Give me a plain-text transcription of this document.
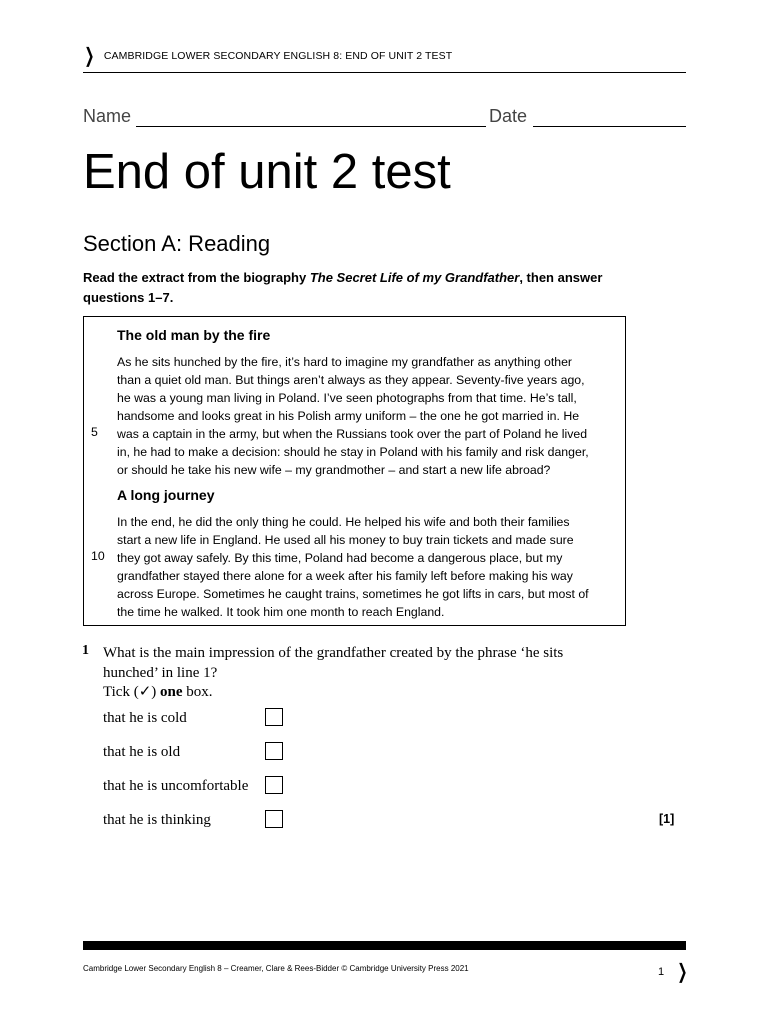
❯ CAMBRIDGE LOWER SECONDARY ENGLISH 8: END OF UNIT 2 TEST
Name	Date
End of unit 2 test
Section A: Reading
Read the extract from the biography The Secret Life of my Grandfather, then answer questions 1–7.
The old man by the fire
As he sits hunched by the fire, it’s hard to imagine my grandfather as anything other
than a quiet old man. But things aren’t always as they appear. Seventy-five years ago,
he was a young man living in Poland. I’ve seen photographs from that time. He’s tall,
handsome and looks great in his Polish army uniform – the one he got married in. He
was a captain in the army, but when the Russians took over the part of Poland he lived
in, he had to make a decision: should he stay in Poland with his family and risk danger,
or should he take his new wife – my grandmother – and start a new life abroad?
5
A long journey
In the end, he did the only thing he could. He helped his wife and both their families
start a new life in England. He used all his money to buy train tickets and made sure
they got away safely. By this time, Poland had become a dangerous place, but my
grandfather stayed there alone for a week after his family left before making his way
across Europe. Sometimes he caught trains, sometimes he got lifts in cars, but most of
the time he walked. It took him one month to reach England.
10
1 What is the main impression of the grandfather created by the phrase ‘he sits hunched’ in line 1?
Tick (✓) one box.
that he is cold
that he is old
that he is uncomfortable
that he is thinking	[1]
Cambridge Lower Secondary English 8 – Creamer, Clare & Rees-Bidder © Cambridge University Press 2021	1 ❯
